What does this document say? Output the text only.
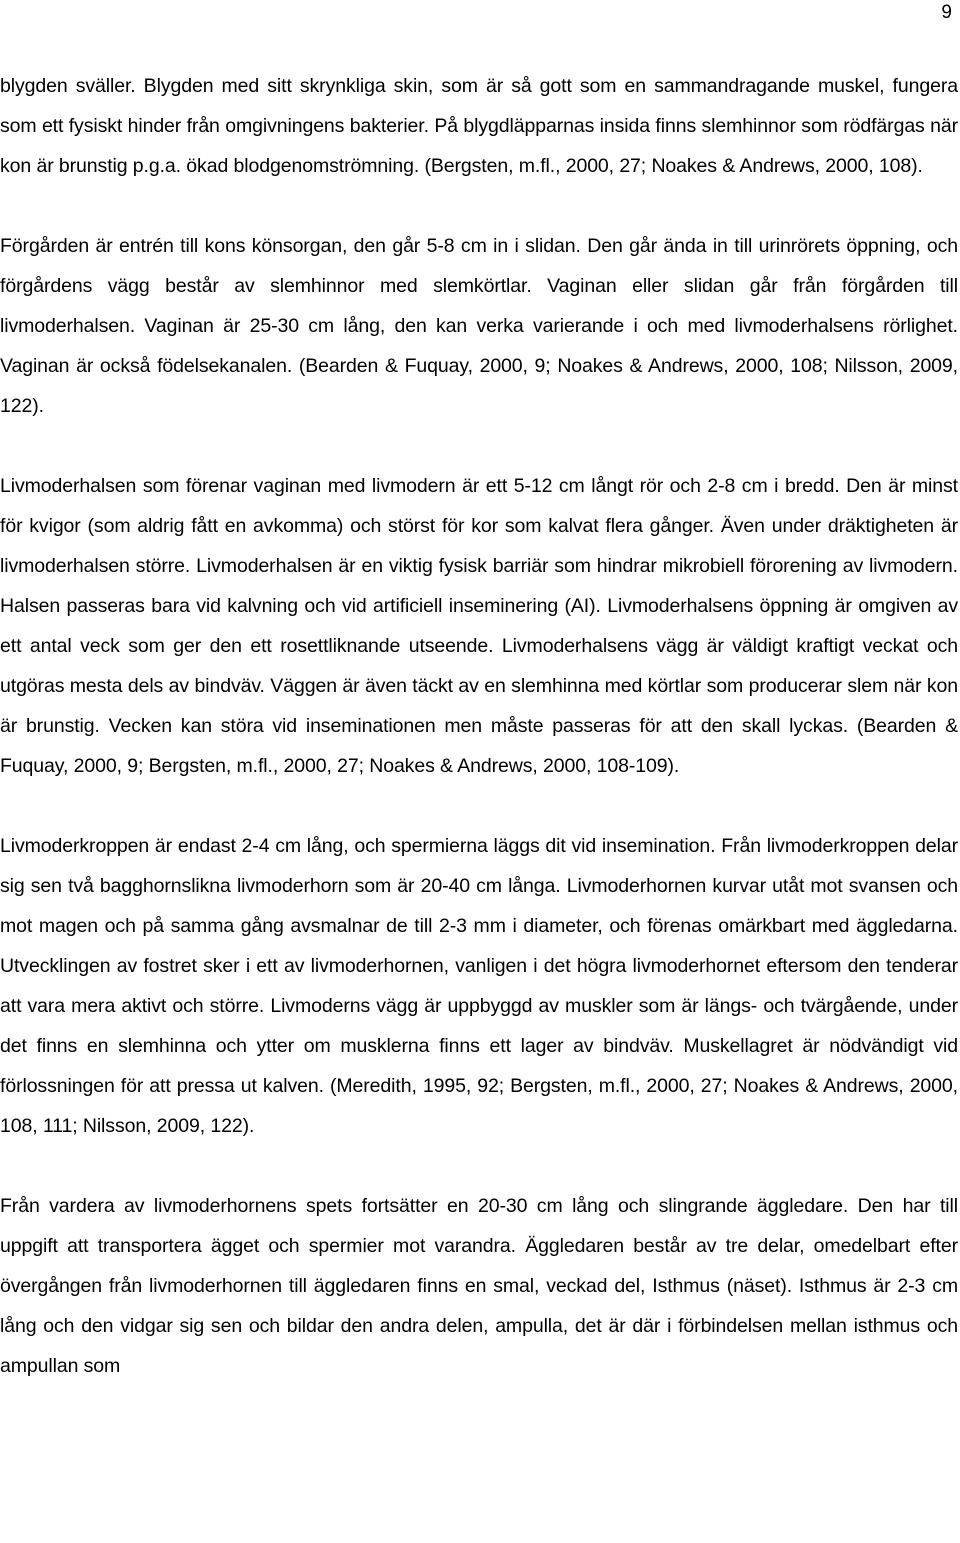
9

blygden sväller. Blygden med sitt skrynkliga skin, som är så gott som en sammandragande muskel, fungera som ett fysiskt hinder från omgivningens bakterier. På blygdläpparnas insida finns slemhinnor som rödfärgas när kon är brunstig p.g.a. ökad blodgenomströmning. (Bergsten, m.fl., 2000, 27; Noakes & Andrews, 2000, 108).

Förgården är entrén till kons könsorgan, den går 5-8 cm in i slidan. Den går ända in till urinrörets öppning, och förgårdens vägg består av slemhinnor med slemkörtlar. Vaginan eller slidan går från förgården till livmoderhalsen. Vaginan är 25-30 cm lång, den kan verka varierande i och med livmoderhalsens rörlighet. Vaginan är också födelsekanalen. (Bearden & Fuquay, 2000, 9; Noakes & Andrews, 2000, 108; Nilsson, 2009, 122).

Livmoderhalsen som förenar vaginan med livmodern är ett 5-12 cm långt rör och 2-8 cm i bredd. Den är minst för kvigor (som aldrig fått en avkomma) och störst för kor som kalvat flera gånger. Även under dräktigheten är livmoderhalsen större. Livmoderhalsen är en viktig fysisk barriär som hindrar mikrobiell förorening av livmodern. Halsen passeras bara vid kalvning och vid artificiell inseminering (AI). Livmoderhalsens öppning är omgiven av ett antal veck som ger den ett rosettliknande utseende. Livmoderhalsens vägg är väldigt kraftigt veckat och utgöras mesta dels av bindväv. Väggen är även täckt av en slemhinna med körtlar som producerar slem när kon är brunstig. Vecken kan störa vid inseminationen men måste passeras för att den skall lyckas. (Bearden & Fuquay, 2000, 9; Bergsten, m.fl., 2000, 27; Noakes & Andrews, 2000, 108-109).

Livmoderkroppen är endast 2-4 cm lång, och spermierna läggs dit vid insemination. Från livmoderkroppen delar sig sen två bagghornslikna livmoderhorn som är 20-40 cm långa. Livmoderhornen kurvar utåt mot svansen och mot magen och på samma gång avsmalnar de till 2-3 mm i diameter, och förenas omärkbart med äggledarna. Utvecklingen av fostret sker i ett av livmoderhornen, vanligen i det högra livmoderhornet eftersom den tenderar att vara mera aktivt och större. Livmoderns vägg är uppbyggd av muskler som är längs- och tvärgående, under det finns en slemhinna och ytter om musklerna finns ett lager av bindväv. Muskellagret är nödvändigt vid förlossningen för att pressa ut kalven. (Meredith, 1995, 92; Bergsten, m.fl., 2000, 27; Noakes & Andrews, 2000, 108, 111; Nilsson, 2009, 122).

Från vardera av livmoderhornens spets fortsätter en 20-30 cm lång och slingrande äggledare. Den har till uppgift att transportera ägget och spermier mot varandra. Äggledaren består av tre delar, omedelbart efter övergången från livmoderhornen till äggledaren finns en smal, veckad del, Isthmus (näset). Isthmus är 2-3 cm lång och den vidgar sig sen och bildar den andra delen, ampulla, det är där i förbindelsen mellan isthmus och ampullan som
